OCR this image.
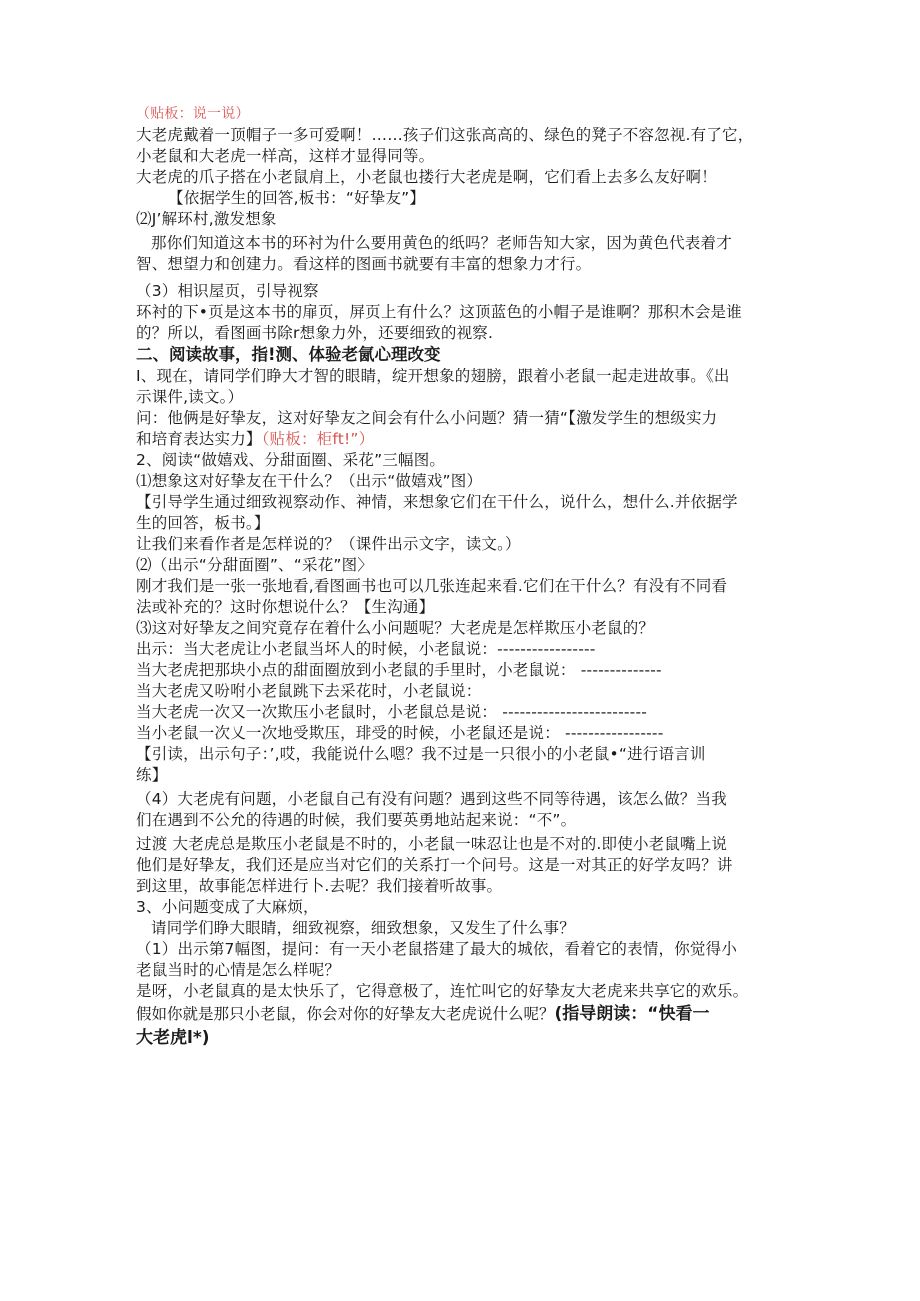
（贴板：说一说）
大老虎戴着一顶帽子一多可爱啊！……孩子们这张高高的、绿色的凳子不容忽视.有了它，
小老鼠和大老虎一样高，这样才显得同等。
大老虎的爪子搭在小老鼠肩上，小老鼠也搂行大老虎是啊，它们看上去多么友好啊！
【依据学生的回答,板书：“好挚友”】
⑵J’解环村,激发想象
那你们知道这本书的环衬为什么要用黄色的纸吗？老师告知大家，因为黄色代表着才
智、想望力和创建力。看这样的图画书就要有丰富的想象力才行。
（3）相识屋页，引导视察
环衬的下•页是这本书的扉页，屏页上有什么？这顶蓝色的小帽子是谁啊？那积木会是谁
的？所以，看图画书除r想象力外，还要细致的视察.
二、阅读故事，指!测、体验老氤心理改变
I、现在，请同学们睁大才智的眼睛，绽开想象的翅膀，跟着小老鼠一起走进故事。《出
示课件,读文。）
问：他俩是好挚友，这对好挚友之间会有什么小问题？猜一猜“【激发学生的想级实力
和培育表达实力】（贴板：柜ft!”）
2、阅读“做嬉戏、分甜面圈、采花”三幅图。
⑴想象这对好挚友在干什么？（出示“做嬉戏”图）
【引导学生通过细致视察动作、神情，来想象它们在干什么，说什么，想什么.并依据学
生的回答，板书。】
让我们来看作者是怎样说的？（课件出示文字，读文。）
⑵（出示“分甜面圈”、“采花”图〉
刚才我们是一张一张地看,看图画书也可以几张连起来看.它们在干什么？有没有不同看
法或补充的？这时你想说什么？【生沟通】
⑶这对好挚友之间究竟存在着什么小问题呢？大老虎是怎样欺压小老鼠的？
出示：当大老虎让小老鼠当坏人的时候，小老鼠说：-----------------
当大老虎把那块小点的甜面圈放到小老鼠的手里时，小老鼠说： --------------
当大老虎又吩咐小老鼠跳下去采花时，小老鼠说：
当大老虎一次又一次欺压小老鼠时，小老鼠总是说： -------------------------
当小老鼠一次乂一次地受欺压，琲受的时候，小老鼠还是说： -----------------
【引读，出示句子：’,哎，我能说什么嗯？我不过是一只很小的小老鼠•“进行语言训
练】
（4）大老虎有问题，小老鼠自己有没有问题？遇到这些不同等待遇，该怎么做？当我
们在遇到不公允的待遇的时候，我们要英勇地站起来说：“不”。
过渡 大老虎总是欺压小老鼠是不时的，小老鼠一味忍让也是不对的.即使小老鼠嘴上说
他们是好挚友，我们还是应当对它们的关系打一个问号。这是一对其正的好学友吗？讲
到这里，故事能怎样进行卜.去呢？我们接着听故事。
3、小问题变成了大麻烦，
请同学们睁大眼睛，细致视察，细致想象，又发生了什么事？
（1）出示第7幅图，提问：有一天小老鼠搭建了最大的城依，看着它的表情，你觉得小
老鼠当时的心情是怎么样呢？
是呀，小老鼠真的是太快乐了，它得意极了，连忙叫它的好挚友大老虎来共享它的欢乐。
假如你就是那只小老鼠，你会对你的好挚友大老虎说什么呢？(指导朗读：“快看一
大老虎l*)
